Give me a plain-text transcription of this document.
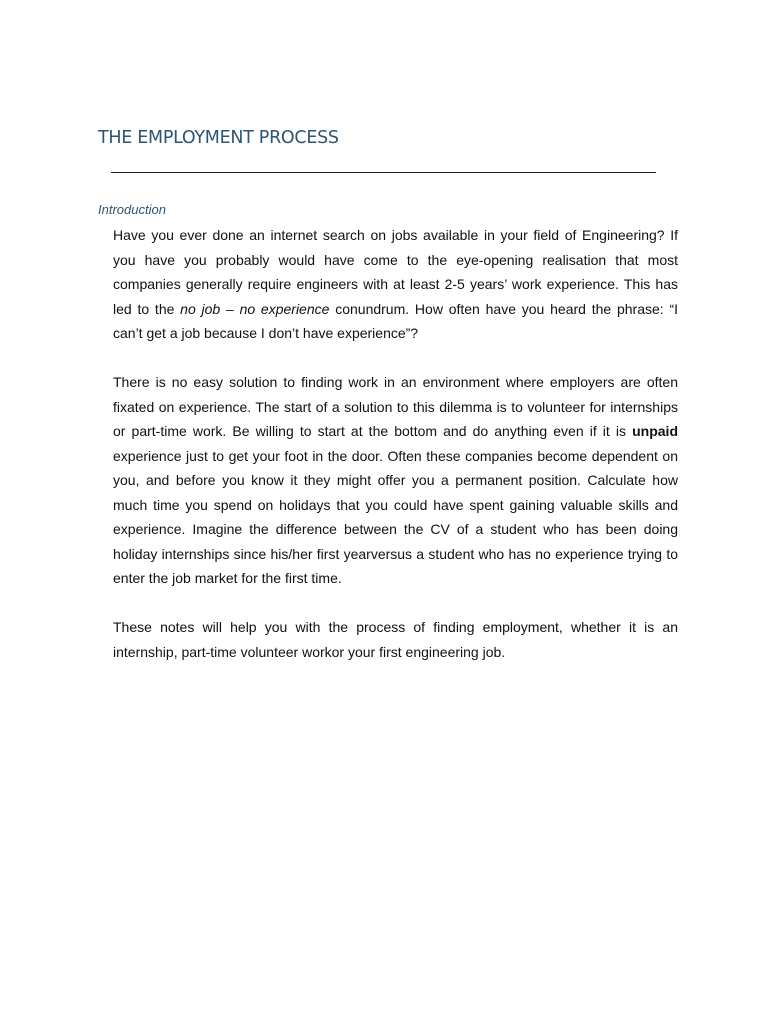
THE EMPLOYMENT PROCESS
Introduction

Have you ever done an internet search on jobs available in your field of Engineering? If you have you probably would have come to the eye-opening realisation that most companies generally require engineers with at least 2-5 years’ work experience. This has led to the no job – no experience conundrum. How often have you heard the phrase: “I can’t get a job because I don’t have experience”?

There is no easy solution to finding work in an environment where employers are often fixated on experience. The start of a solution to this dilemma is to volunteer for internships or part-time work. Be willing to start at the bottom and do anything even if it is unpaid experience just to get your foot in the door. Often these companies become dependent on you, and before you know it they might offer you a permanent position. Calculate how much time you spend on holidays that you could have spent gaining valuable skills and experience. Imagine the difference between the CV of a student who has been doing holiday internships since his/her first yearversus a student who has no experience trying to enter the job market for the first time.

These notes will help you with the process of finding employment, whether it is an internship, part-time volunteer workor your first engineering job.
